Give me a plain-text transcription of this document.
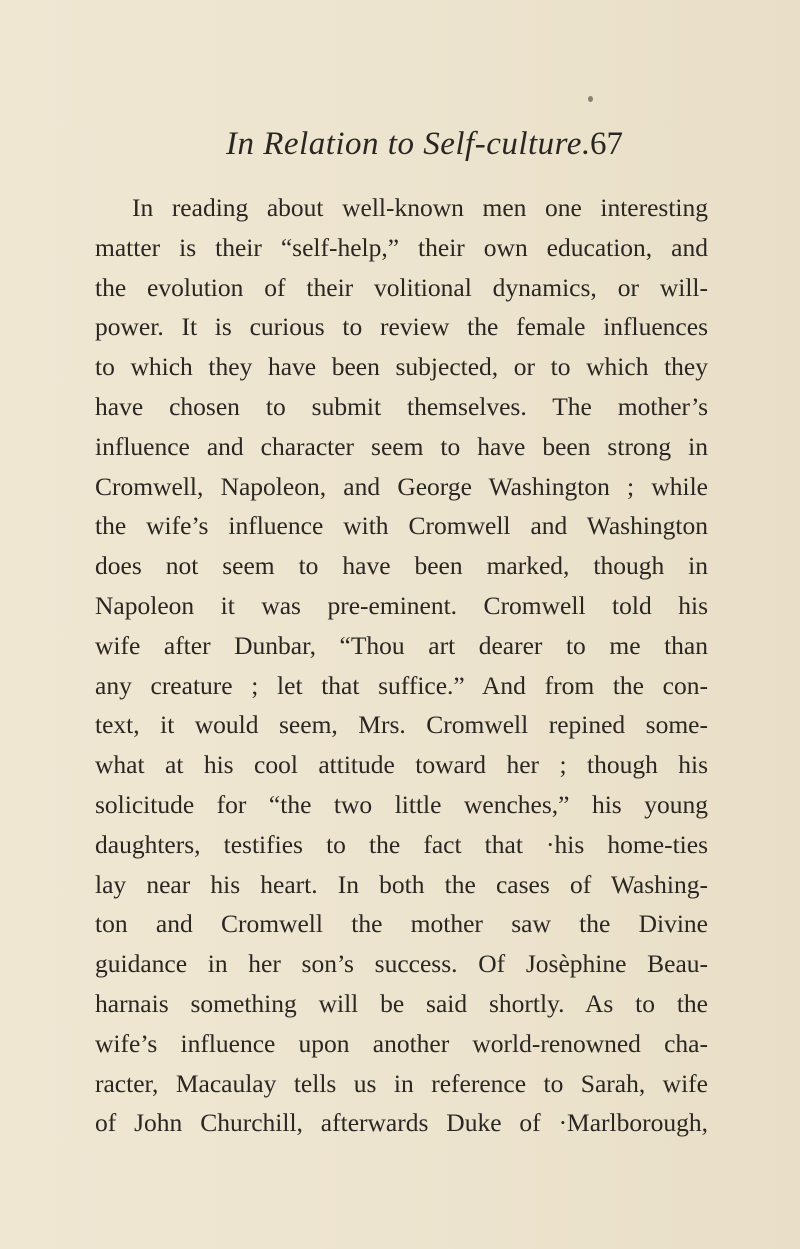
In Relation to Self-culture. 67
In reading about well-known men one interesting
matter is their “self-help,” their own education, and
the evolution of their volitional dynamics, or will-
power. It is curious to review the female influences
to which they have been subjected, or to which they
have chosen to submit themselves. The mother’s
influence and character seem to have been strong in
Cromwell, Napoleon, and George Washington ; while
the wife’s influence with Cromwell and Washington
does not seem to have been marked, though in
Napoleon it was pre-eminent. Cromwell told his
wife after Dunbar, “Thou art dearer to me than
any creature ; let that suffice.” And from the con-
text, it would seem, Mrs. Cromwell repined some-
what at his cool attitude toward her ; though his
solicitude for “the two little wenches,” his young
daughters, testifies to the fact that ·his home-ties
lay near his heart. In both the cases of Washing-
ton and Cromwell the mother saw the Divine
guidance in her son’s success. Of Josèphine Beau-
harnais something will be said shortly. As to the
wife’s influence upon another world-renowned cha-
racter, Macaulay tells us in reference to Sarah, wife
of John Churchill, afterwards Duke of ·Marlborough,
